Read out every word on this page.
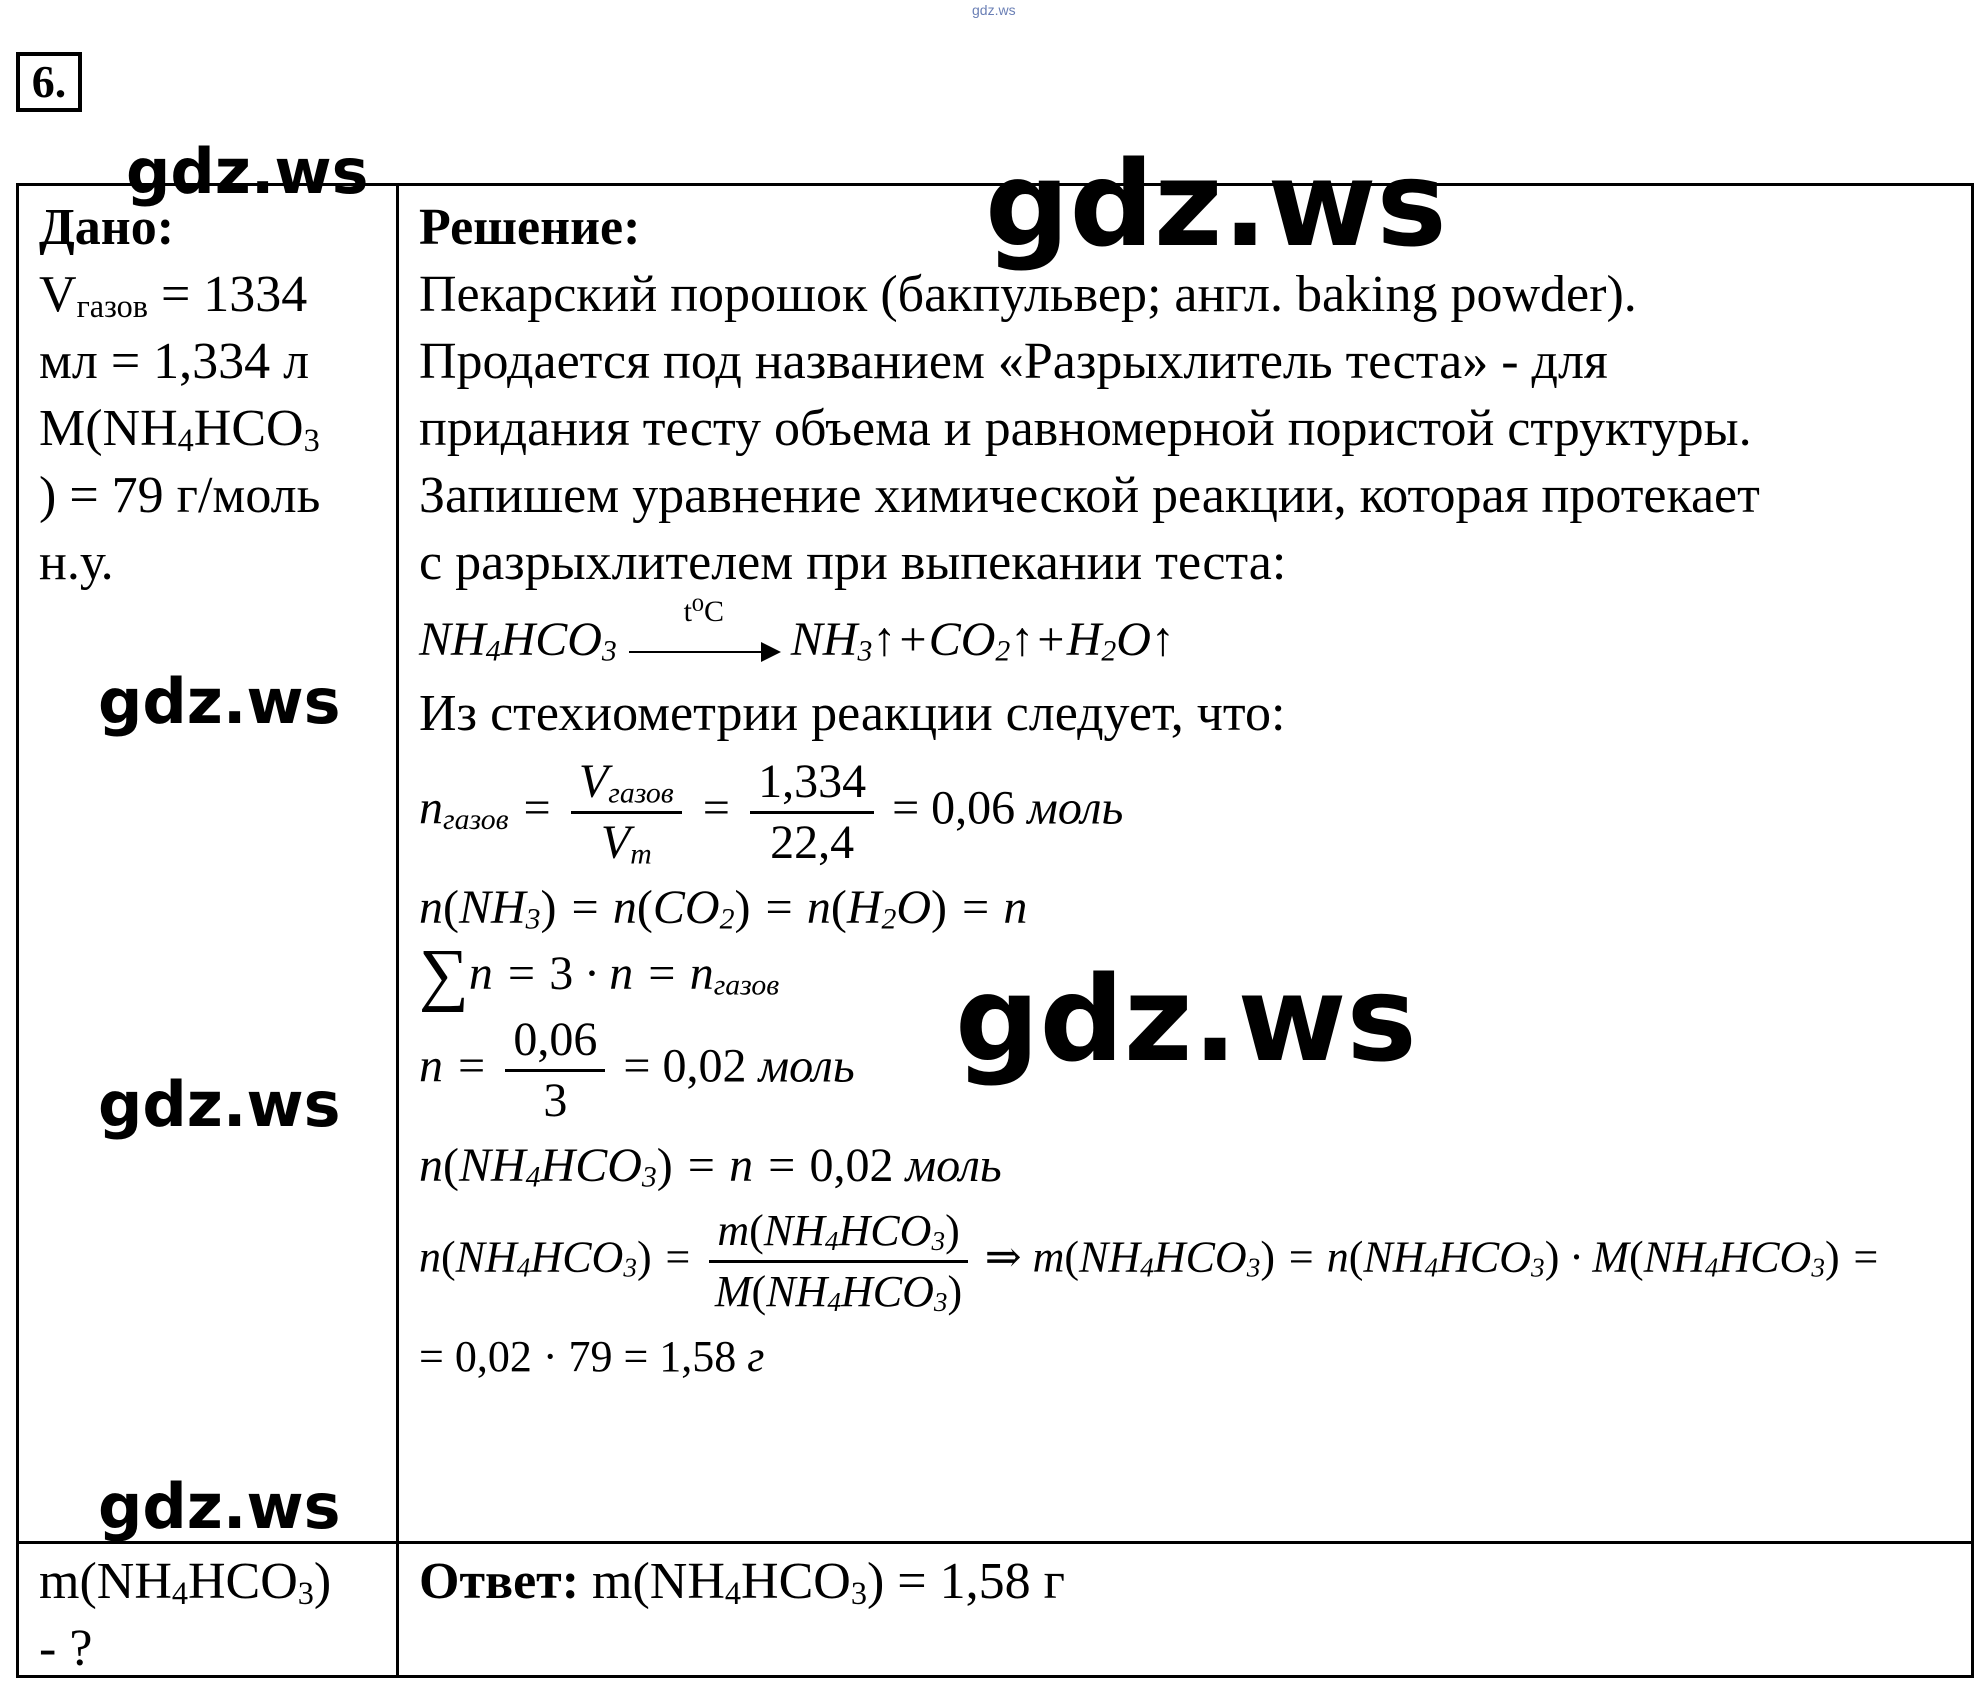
gdz.ws
6.
Дано:
$V_{газов} = 1334$
мл = 1,334 л
$M(NH_4HCO_3$
) = 79 г/моль
н.у.
Решение:
Пекарский порошок (бакпульвер; англ. baking powder).
Продается под названием «Разрыхлитель теста» - для
придания тесту объема и равномерной пористой структуры.
Запишем уравнение химической реакции, которая протекает
с разрыхлителем при выпекании теста:
$NH_4HCO_3$
t⁰C
$NH_3↑+CO_2↑+H_2O↑$
Из стехиометрии реакции следует, что:
$n_{газов} = \frac{V_{газов}}{V_m} = \frac{1,334}{22,4} = 0,06$ моль
$n(NH_3) = n(CO_2) = n(H_2O) = n$
$\sum n = 3 \cdot n = n_{газов}$
$n = \frac{0,06}{3} = 0,02$ моль
$n(NH_4HCO_3) = n = 0,02$ моль
$n(NH_4HCO_3) = \frac{m(NH_4HCO_3)}{M(NH_4HCO_3)}$ ⇒ $m(NH_4HCO_3) = n(NH_4HCO_3) \cdot M(NH_4HCO_3)$ =
= 0,02 · 79 = 1,58 г
$m(NH_4HCO_3)$
- ?
Ответ: $m(NH_4HCO_3) = 1,58$ г
gdz.ws	gdz.ws
gdz.ws
gdz.ws
gdz.ws
gdz.ws
